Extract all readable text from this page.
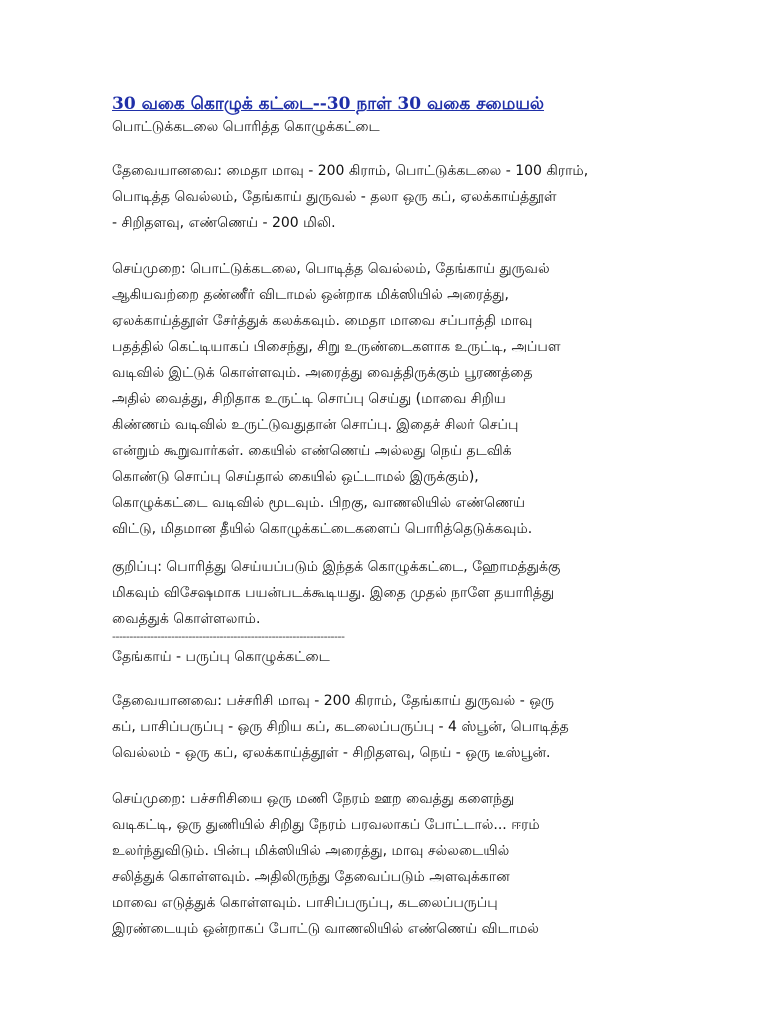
30 வகை கொழுக் கட்டை--30 நாள் 30 வகை சமையல்
பொட்டுக்கடலை பொரித்த கொழுக்கட்டை
தேவையானவை: மைதா மாவு - 200 கிராம், பொட்டுக்கடலை - 100 கிராம்,
பொடித்த வெல்லம், தேங்காய் துருவல் - தலா ஒரு கப், ஏலக்காய்த்தூள்
- சிறிதளவு, எண்ணெய் - 200 மிலி.
செய்முறை: பொட்டுக்கடலை, பொடித்த வெல்லம், தேங்காய் துருவல்
ஆகியவற்றை தண்ணீர் விடாமல் ஒன்றாக மிக்ஸியில் அரைத்து,
ஏலக்காய்த்தூள் சேர்த்துக் கலக்கவும். மைதா மாவை சப்பாத்தி மாவு
பதத்தில் கெட்டியாகப் பிசைந்து, சிறு உருண்டைகளாக உருட்டி, அப்பள
வடிவில் இட்டுக் கொள்ளவும். அரைத்து வைத்திருக்கும் பூரணத்தை
அதில் வைத்து, சிறிதாக உருட்டி சொப்பு செய்து (மாவை சிறிய
கிண்ணம் வடிவில் உருட்டுவதுதான் சொப்பு. இதைச் சிலர் செப்பு
என்றும் கூறுவார்கள். கையில் எண்ணெய் அல்லது நெய் தடவிக்
கொண்டு சொப்பு செய்தால் கையில் ஒட்டாமல் இருக்கும்),
கொழுக்கட்டை வடிவில் மூடவும். பிறகு, வாணலியில் எண்ணெய்
விட்டு, மிதமான தீயில் கொழுக்கட்டைகளைப் பொரித்தெடுக்கவும்.
குறிப்பு: பொரித்து செய்யப்படும் இந்தக் கொழுக்கட்டை, ஹோமத்துக்கு
மிகவும் விசேஷமாக பயன்படக்கூடியது. இதை முதல் நாளே தயாரித்து
வைத்துக் கொள்ளலாம்.
-------------------------------------------------------------------
தேங்காய் - பருப்பு கொழுக்கட்டை
தேவையானவை: பச்சரிசி மாவு - 200 கிராம், தேங்காய் துருவல் - ஒரு
கப், பாசிப்பருப்பு - ஒரு சிறிய கப், கடலைப்பருப்பு - 4 ஸ்பூன், பொடித்த
வெல்லம் - ஒரு கப், ஏலக்காய்த்தூள் - சிறிதளவு, நெய் - ஒரு டீஸ்பூன்.
செய்முறை: பச்சரிசியை ஒரு மணி நேரம் ஊற வைத்து களைந்து
வடிகட்டி, ஒரு துணியில் சிறிது நேரம் பரவலாகப் போட்டால்... ஈரம்
உலர்ந்துவிடும். பின்பு மிக்ஸியில் அரைத்து, மாவு சல்லடையில்
சலித்துக் கொள்ளவும். அதிலிருந்து தேவைப்படும் அளவுக்கான
மாவை எடுத்துக் கொள்ளவும். பாசிப்பருப்பு, கடலைப்பருப்பு
இரண்டையும் ஒன்றாகப் போட்டு வாணலியில் எண்ணெய் விடாமல்
